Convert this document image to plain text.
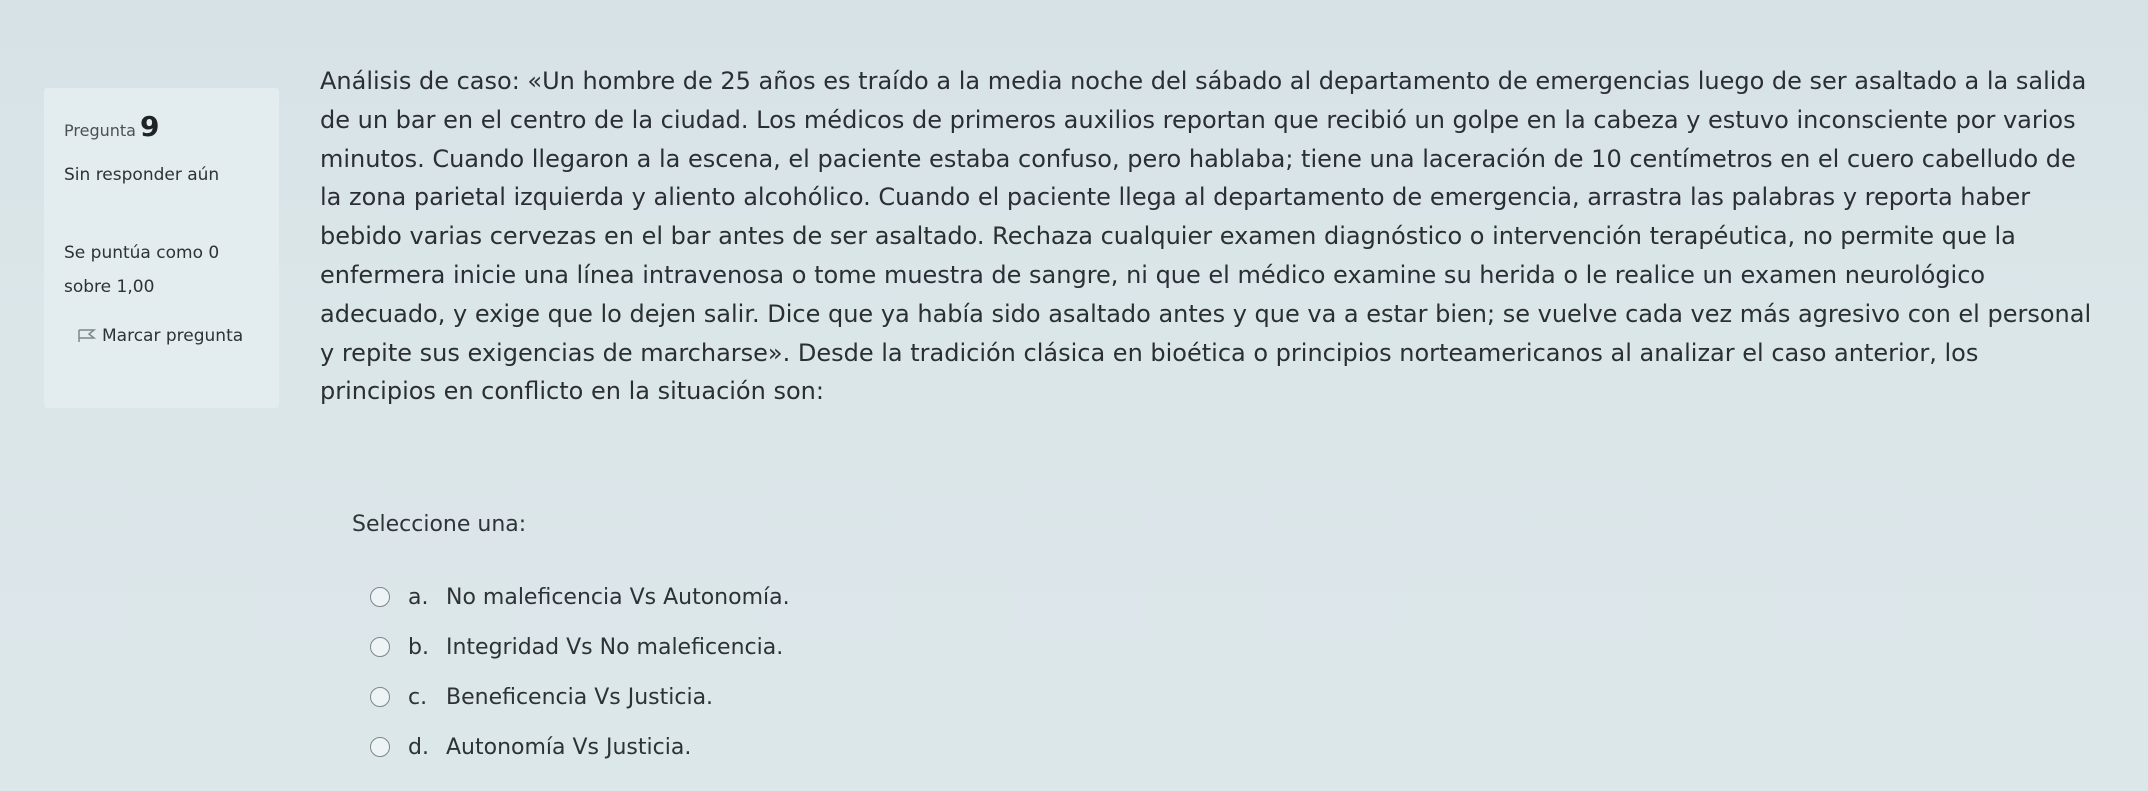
Pregunta 9
Sin responder aún
Se puntúa como 0 sobre 1,00
Marcar pregunta

Análisis de caso: «Un hombre de 25 años es traído a la media noche del sábado al departamento de emergencias luego de ser asaltado a la salida de un bar en el centro de la ciudad. Los médicos de primeros auxilios reportan que recibió un golpe en la cabeza y estuvo inconsciente por varios minutos. Cuando llegaron a la escena, el paciente estaba confuso, pero hablaba; tiene una laceración de 10 centímetros en el cuero cabelludo de la zona parietal izquierda y aliento alcohólico. Cuando el paciente llega al departamento de emergencia, arrastra las palabras y reporta haber bebido varias cervezas en el bar antes de ser asaltado. Rechaza cualquier examen diagnóstico o intervención terapéutica, no permite que la enfermera inicie una línea intravenosa o tome muestra de sangre, ni que el médico examine su herida o le realice un examen neurológico adecuado, y exige que lo dejen salir. Dice que ya había sido asaltado antes y que va a estar bien; se vuelve cada vez más agresivo con el personal y repite sus exigencias de marcharse». Desde la tradición clásica en bioética o principios norteamericanos al analizar el caso anterior, los principios en conflicto en la situación son:

Seleccione una:
a. No maleficencia Vs Autonomía.
b. Integridad Vs No maleficencia.
c. Beneficencia Vs Justicia.
d. Autonomía Vs Justicia.
